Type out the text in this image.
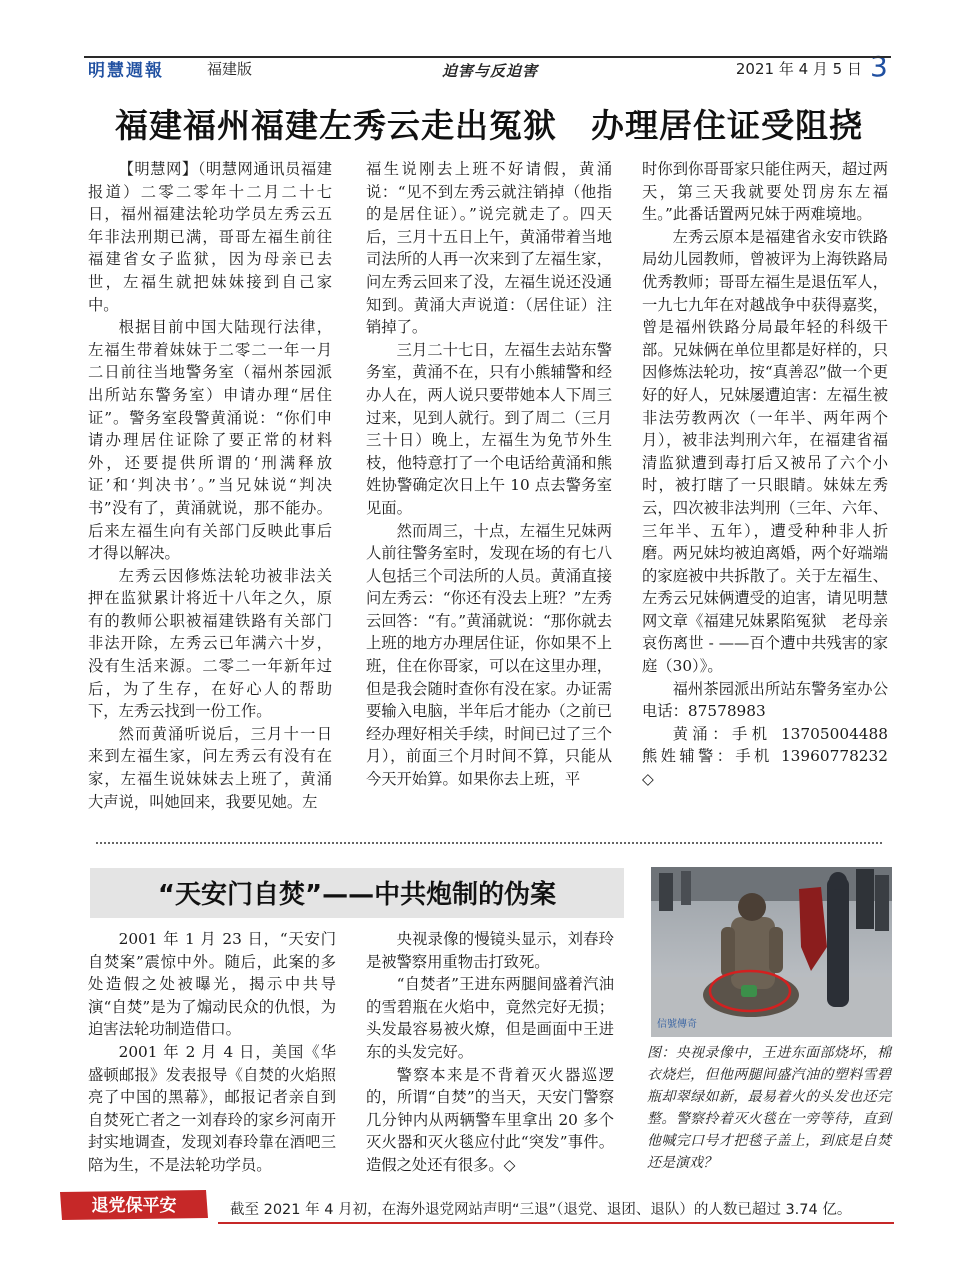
明慧週報	福建版	迫害与反迫害	2021 年 4 月 5 日 3
福建福州福建左秀云走出冤狱　办理居住证受阻挠

【明慧网】（明慧网通讯员福建报道）二零二零年十二月二十七日，福州福建法轮功学员左秀云五年非法刑期已满，哥哥左福生前往福建省女子监狱，因为母亲已去世，左福生就把妹妹接到自己家中。

根据目前中国大陆现行法律，左福生带着妹妹于二零二一年一月二日前往当地警务室（福州茶园派出所站东警务室）申请办理“居住证”。警务室段警黄涌说：“你们申请办理居住证除了要正常的材料外，还要提供所谓的‘刑满释放证’和‘判决书’。”当兄妹说“判决书”没有了，黄涌就说，那不能办。后来左福生向有关部门反映此事后才得以解决。

左秀云因修炼法轮功被非法关押在监狱累计将近十八年之久，原有的教师公职被福建铁路有关部门非法开除，左秀云已年满六十岁，没有生活来源。二零二一年新年过后，为了生存，在好心人的帮助下，左秀云找到一份工作。

然而黄涌听说后，三月十一日来到左福生家，问左秀云有没有在家，左福生说妹妹去上班了，黄涌大声说，叫她回来，我要见她。左

福生说刚去上班不好请假，黄涌说：“见不到左秀云就注销掉（他指的是居住证）。”说完就走了。四天后，三月十五日上午，黄涌带着当地司法所的人再一次来到了左福生家，问左秀云回来了没，左福生说还没通知到。黄涌大声说道：（居住证）注销掉了。

三月二十七日，左福生去站东警务室，黄涌不在，只有小熊辅警和经办人在，两人说只要带她本人下周三过来，见到人就行。到了周二（三月三十日）晚上，左福生为免节外生枝，他特意打了一个电话给黄涌和熊姓协警确定次日上午 10 点去警务室见面。

然而周三，十点，左福生兄妹两人前往警务室时，发现在场的有七八人包括三个司法所的人员。黄涌直接问左秀云：“你还有没去上班？”左秀云回答：“有。”黄涌就说：“那你就去上班的地方办理居住证，你如果不上班，住在你哥家，可以在这里办理，但是我会随时查你有没在家。办证需要输入电脑，半年后才能办（之前已经办理好相关手续，时间已过了三个月），前面三个月时间不算，只能从今天开始算。如果你去上班，平

时你到你哥哥家只能住两天，超过两天，第三天我就要处罚房东左福生。”此番话置两兄妹于两难境地。

左秀云原本是福建省永安市铁路局幼儿园教师，曾被评为上海铁路局优秀教师；哥哥左福生是退伍军人，一九七九年在对越战争中获得嘉奖，曾是福州铁路分局最年轻的科级干部。兄妹俩在单位里都是好样的，只因修炼法轮功，按“真善忍”做一个更好的好人，兄妹屡遭迫害：左福生被非法劳教两次（一年半、两年两个月），被非法判刑六年，在福建省福清监狱遭到毒打后又被吊了六个小时，被打瞎了一只眼睛。妹妹左秀云，四次被非法判刑（三年、六年、三年半、五年），遭受种种非人折磨。两兄妹均被迫离婚，两个好端端的家庭被中共拆散了。关于左福生、左秀云兄妹俩遭受的迫害，请见明慧网文章《福建兄妹累陷冤狱　老母亲哀伤离世 - ——百个遭中共残害的家庭（30）》。

福州茶园派出所站东警务室办公电话：87578983

黄涌：手机 13705004488　熊姓辅警：手机 13960778232　◇

“天安门自焚”——中共炮制的伪案

2001 年 1 月 23 日，“天安门自焚案”震惊中外。随后，此案的多处造假之处被曝光，揭示中共导演“自焚”是为了煽动民众的仇恨，为迫害法轮功制造借口。

2001 年 2 月 4 日，美国《华盛顿邮报》发表报导《自焚的火焰照亮了中国的黑幕》，邮报记者亲自到自焚死亡者之一刘春玲的家乡河南开封实地调查，发现刘春玲靠在酒吧三陪为生，不是法轮功学员。

央视录像的慢镜头显示，刘春玲是被警察用重物击打致死。

“自焚者”王进东两腿间盛着汽油的雪碧瓶在火焰中，竟然完好无损；头发最容易被火燎，但是画面中王进东的头发完好。

警察本来是不背着灭火器巡逻的，所谓“自焚”的当天，天安门警察几分钟内从两辆警车里拿出 20 多个灭火器和灭火毯应付此“突发”事件。造假之处还有很多。◇

信號傳奇
图：央视录像中，王进东面部烧坏，棉衣烧烂，但他两腿间盛汽油的塑料雪碧瓶却翠绿如新，最易着火的头发也还完整。警察拎着灭火毯在一旁等待，直到他喊完口号才把毯子盖上，到底是自焚还是演戏？
退党保平安	截至 2021 年 4 月初，在海外退党网站声明“三退”（退党、退团、退队）的人数已超过 3.74 亿。
